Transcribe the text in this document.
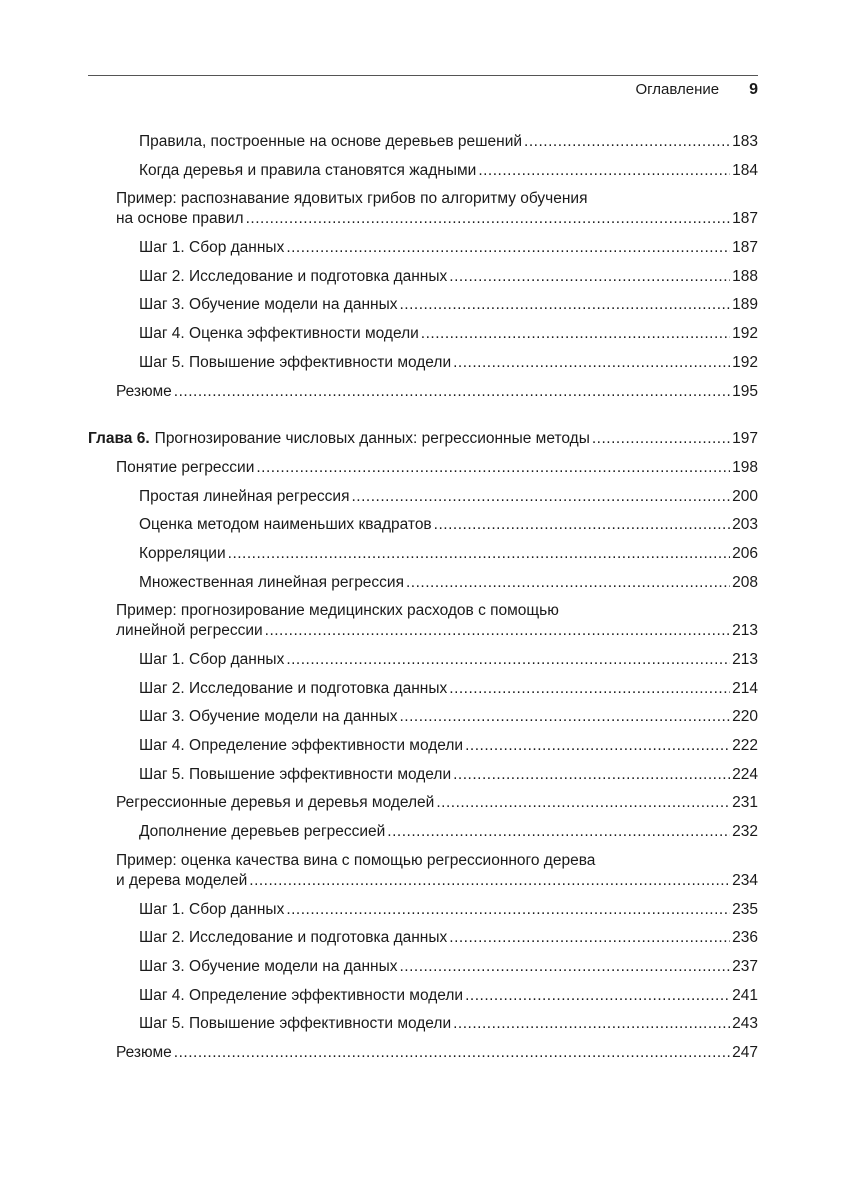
Оглавление 9
Правила, построенные на основе деревьев решений .....	183
Когда деревья и правила становятся жадными .....	184
Пример: распознавание ядовитых грибов по алгоритму обучения
на основе правил .....	187
Шаг 1. Сбор данных .....	187
Шаг 2. Исследование и подготовка данных .....	188
Шаг 3. Обучение модели на данных .....	189
Шаг 4. Оценка эффективности модели .....	192
Шаг 5. Повышение эффективности модели .....	192
Резюме .....	195
Глава 6. Прогнозирование числовых данных: регрессионные методы .....	197
Понятие регрессии .....	198
Простая линейная регрессия .....	200
Оценка методом наименьших квадратов .....	203
Корреляции .....	206
Множественная линейная регрессия .....	208
Пример: прогнозирование медицинских расходов с помощью
линейной регрессии .....	213
Шаг 1. Сбор данных .....	213
Шаг 2. Исследование и подготовка данных .....	214
Шаг 3. Обучение модели на данных .....	220
Шаг 4. Определение эффективности модели .....	222
Шаг 5. Повышение эффективности модели .....	224
Регрессионные деревья и деревья моделей .....	231
Дополнение деревьев регрессией .....	232
Пример: оценка качества вина с помощью регрессионного дерева
и дерева моделей .....	234
Шаг 1. Сбор данных .....	235
Шаг 2. Исследование и подготовка данных .....	236
Шаг 3. Обучение модели на данных .....	237
Шаг 4. Определение эффективности модели .....	241
Шаг 5. Повышение эффективности модели .....	243
Резюме .....	247
